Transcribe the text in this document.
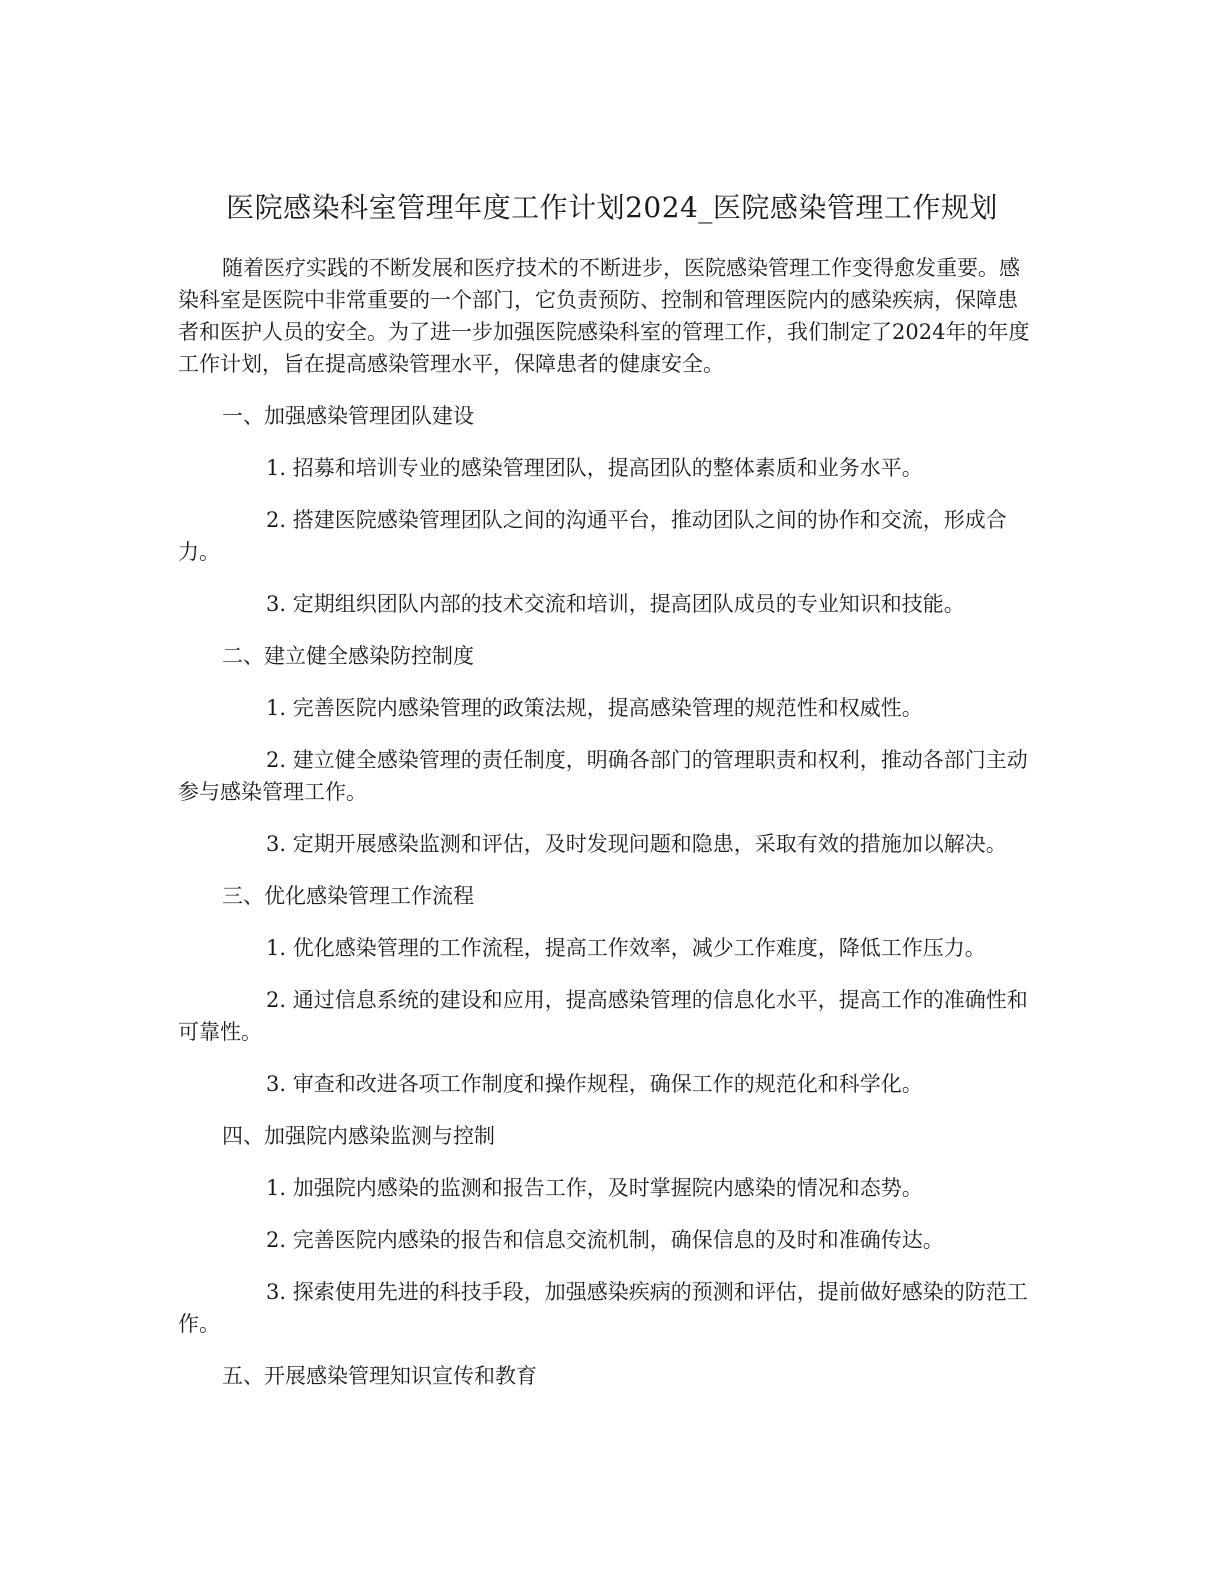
医院感染科室管理年度工作计划2024_医院感染管理工作规划

随着医疗实践的不断发展和医疗技术的不断进步，医院感染管理工作变得愈发重要。感染科室是医院中非常重要的一个部门，它负责预防、控制和管理医院内的感染疾病，保障患者和医护人员的安全。为了进一步加强医院感染科室的管理工作，我们制定了2024年的年度工作计划，旨在提高感染管理水平，保障患者的健康安全。

一、加强感染管理团队建设

1. 招募和培训专业的感染管理团队，提高团队的整体素质和业务水平。

2. 搭建医院感染管理团队之间的沟通平台，推动团队之间的协作和交流，形成合力。

3. 定期组织团队内部的技术交流和培训，提高团队成员的专业知识和技能。

二、建立健全感染防控制度

1. 完善医院内感染管理的政策法规，提高感染管理的规范性和权威性。

2. 建立健全感染管理的责任制度，明确各部门的管理职责和权利，推动各部门主动参与感染管理工作。

3. 定期开展感染监测和评估，及时发现问题和隐患，采取有效的措施加以解决。

三、优化感染管理工作流程

1. 优化感染管理的工作流程，提高工作效率，减少工作难度，降低工作压力。

2. 通过信息系统的建设和应用，提高感染管理的信息化水平，提高工作的准确性和可靠性。

3. 审查和改进各项工作制度和操作规程，确保工作的规范化和科学化。

四、加强院内感染监测与控制

1. 加强院内感染的监测和报告工作，及时掌握院内感染的情况和态势。

2. 完善医院内感染的报告和信息交流机制，确保信息的及时和准确传达。

3. 探索使用先进的科技手段，加强感染疾病的预测和评估，提前做好感染的防范工作。

五、开展感染管理知识宣传和教育
